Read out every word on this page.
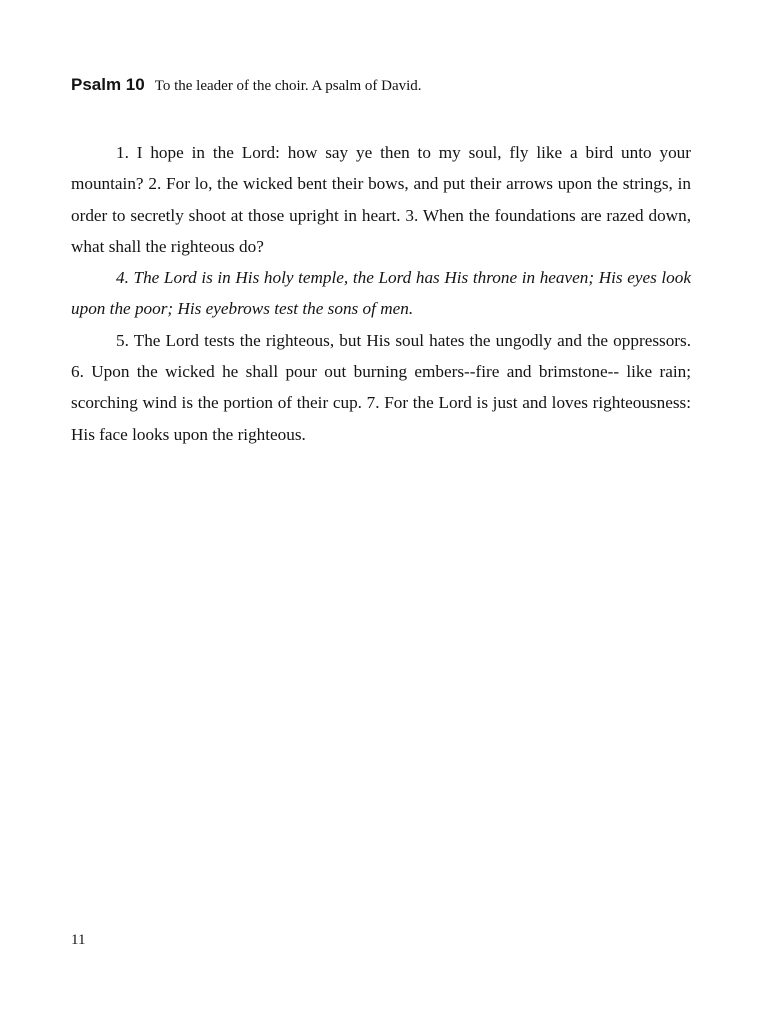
Psalm 10 To the leader of the choir. A psalm of David.

1. I hope in the Lord: how say ye then to my soul, fly like a bird unto your mountain? 2. For lo, the wicked bent their bows, and put their arrows upon the strings, in order to secretly shoot at those upright in heart. 3. When the foundations are razed down, what shall the righteous do?

4. The Lord is in His holy temple, the Lord has His throne in heaven; His eyes look upon the poor; His eyebrows test the sons of men.

5. The Lord tests the righteous, but His soul hates the ungodly and the oppressors. 6. Upon the wicked he shall pour out burning embers--fire and brimstone-- like rain; scorching wind is the portion of their cup. 7. For the Lord is just and loves righteousness: His face looks upon the righteous.

11
